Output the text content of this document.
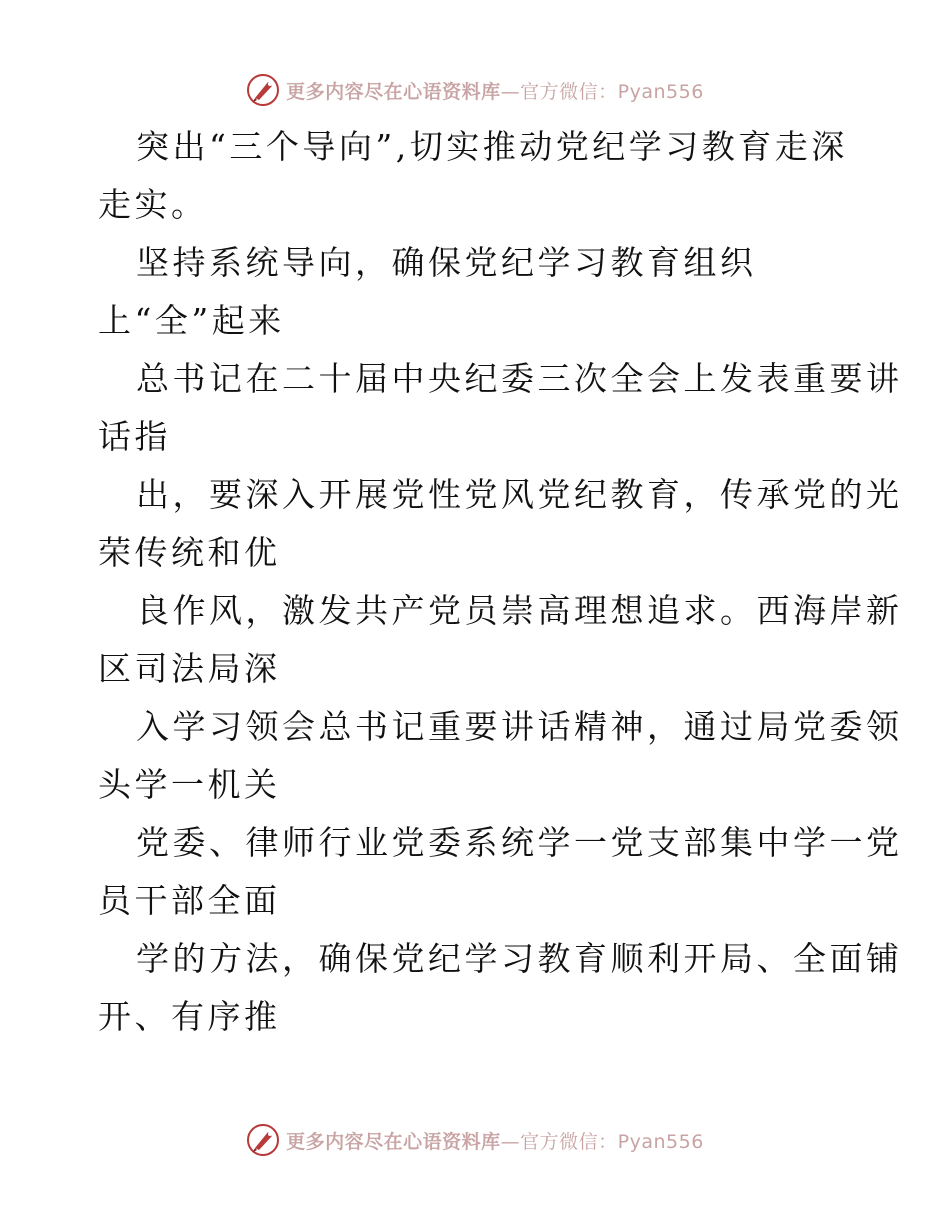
更多内容尽在心语资料库—官方微信：Pyan556
突出“三个导向”,切实推动党纪学习教育走深
走实。
坚持系统导向，确保党纪学习教育组织
上“全”起来
总书记在二十届中央纪委三次全会上发表重要讲
话指
出，要深入开展党性党风党纪教育，传承党的光
荣传统和优
良作风，激发共产党员崇高理想追求。西海岸新
区司法局深
入学习领会总书记重要讲话精神，通过局党委领
头学一机关
党委、律师行业党委系统学一党支部集中学一党
员干部全面
学的方法，确保党纪学习教育顺利开局、全面铺
开、有序推
更多内容尽在心语资料库—官方微信：Pyan556
